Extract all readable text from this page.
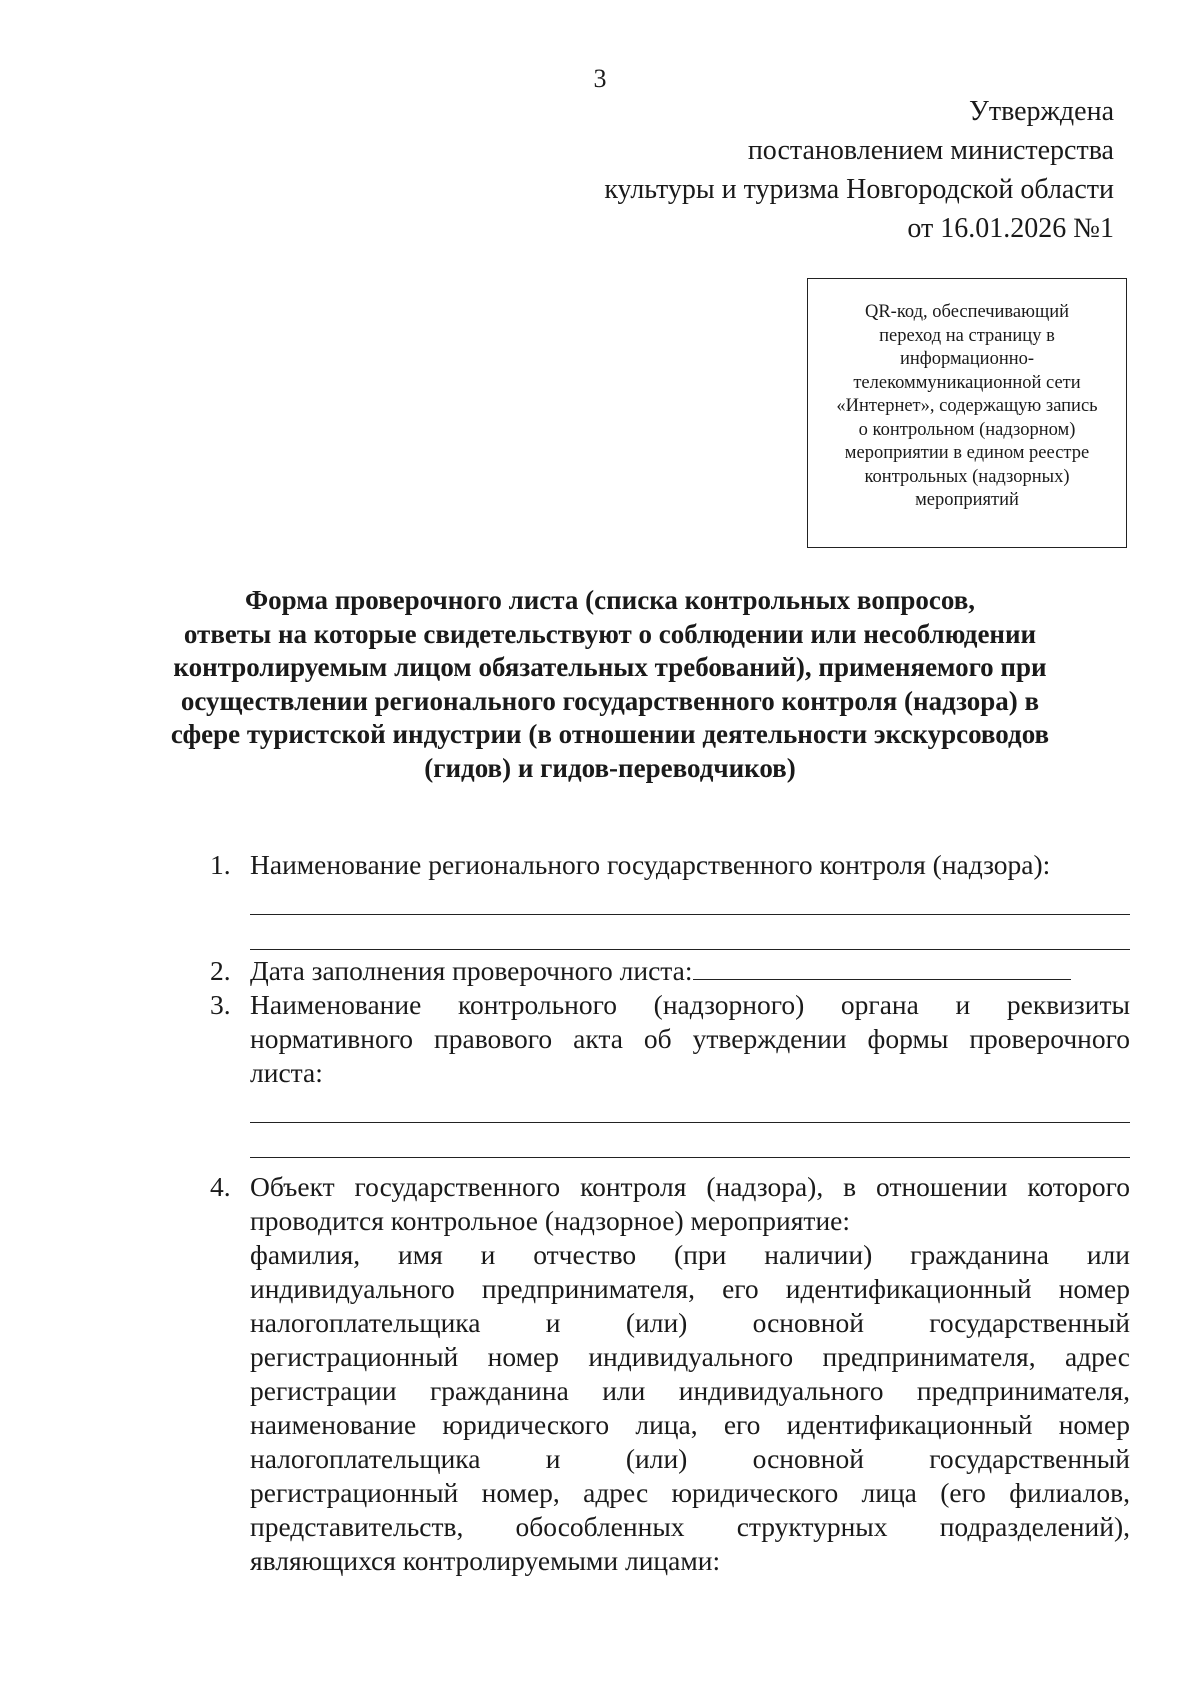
3
Утверждена
постановлением министерства
культуры и туризма Новгородской области
от 16.01.2026 №1
QR-код, обеспечивающий
переход на страницу в
информационно-
телекоммуникационной сети
«Интернет», содержащую запись
о контрольном (надзорном)
мероприятии в едином реестре
контрольных (надзорных)
мероприятий
Форма проверочного листа (списка контрольных вопросов,
ответы на которые свидетельствуют о соблюдении или несоблюдении
контролируемым лицом обязательных требований), применяемого при
осуществлении регионального государственного контроля (надзора) в
сфере туристской индустрии (в отношении деятельности экскурсоводов
(гидов) и гидов-переводчиков)
1. Наименование регионального государственного контроля (надзора):
2. Дата заполнения проверочного листа:
3. Наименование контрольного (надзорного) органа и реквизиты
нормативного правового акта об утверждении формы проверочного
листа:
4. Объект государственного контроля (надзора), в отношении которого
проводится контрольное (надзорное) мероприятие:
фамилия, имя и отчество (при наличии) гражданина или
индивидуального предпринимателя, его идентификационный номер
налогоплательщика и (или) основной государственный
регистрационный номер индивидуального предпринимателя, адрес
регистрации гражданина или индивидуального предпринимателя,
наименование юридического лица, его идентификационный номер
налогоплательщика и (или) основной государственный
регистрационный номер, адрес юридического лица (его филиалов,
представительств, обособленных структурных подразделений),
являющихся контролируемыми лицами:
